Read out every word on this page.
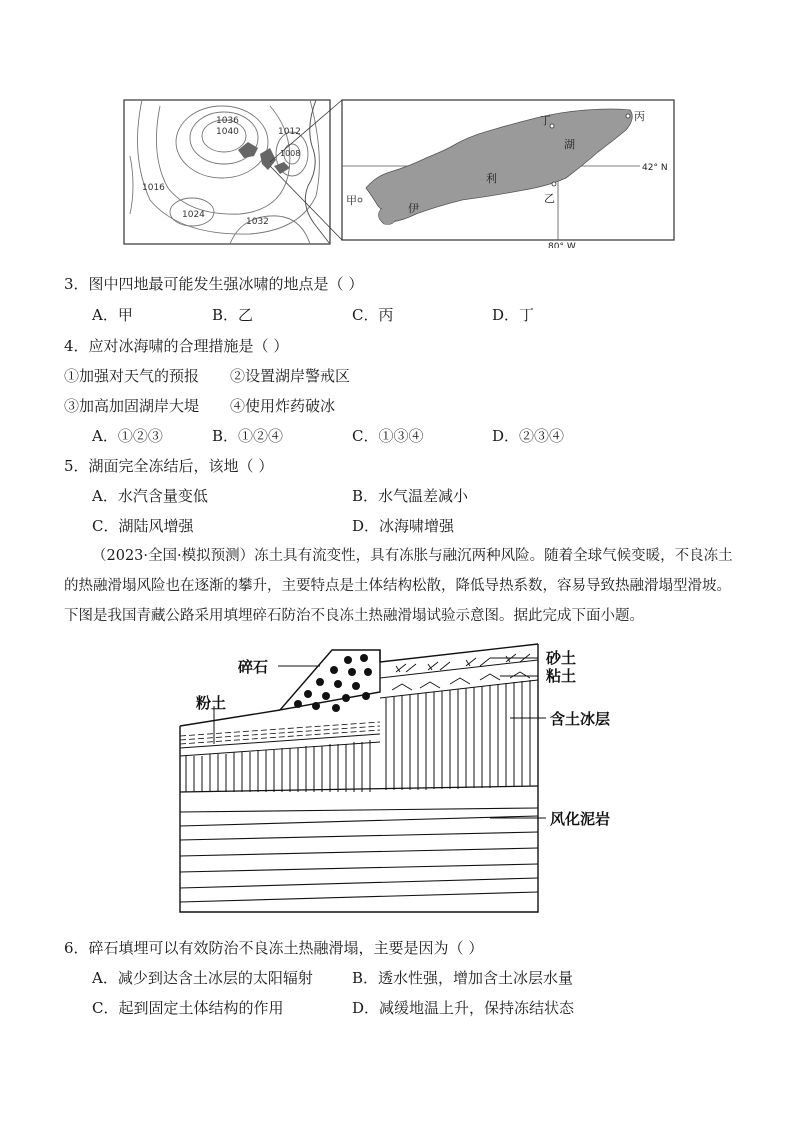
1036
1040
1016
1024
1032
1012
1008
甲	乙
丙
丁
湖
利
伊
42° N
80° W
3．图中四地最可能发生强冰啸的地点是（ ）
A．甲	B．乙	C．丙	D．丁
4．应对冰海啸的合理措施是（ ）
①加强对天气的预报 ②设置湖岸警戒区
③加高加固湖岸大堤 ④使用炸药破冰
A．①②③	B．①②④	C．①③④	D．②③④
5．湖面完全冻结后，该地（ ）
A．水汽含量变低	B．水气温差减小
C．湖陆风增强	D．冰海啸增强
（2023·全国·模拟预测）冻土具有流变性，具有冻胀与融沉两种风险。随着全球气候变暖，不良冻土
的热融滑塌风险也在逐渐的攀升，主要特点是土体结构松散，降低导热系数，容易导致热融滑塌型滑坡。
下图是我国青藏公路采用填埋碎石防治不良冻土热融滑塌试验示意图。据此完成下面小题。
碎石	砂土
粘土
粉土
含土冰层
风化泥岩
6．碎石填埋可以有效防治不良冻土热融滑塌，主要是因为（ ）
A．减少到达含土冰层的太阳辐射	B．透水性强，增加含土冰层水量
C．起到固定土体结构的作用	D．减缓地温上升，保持冻结状态
